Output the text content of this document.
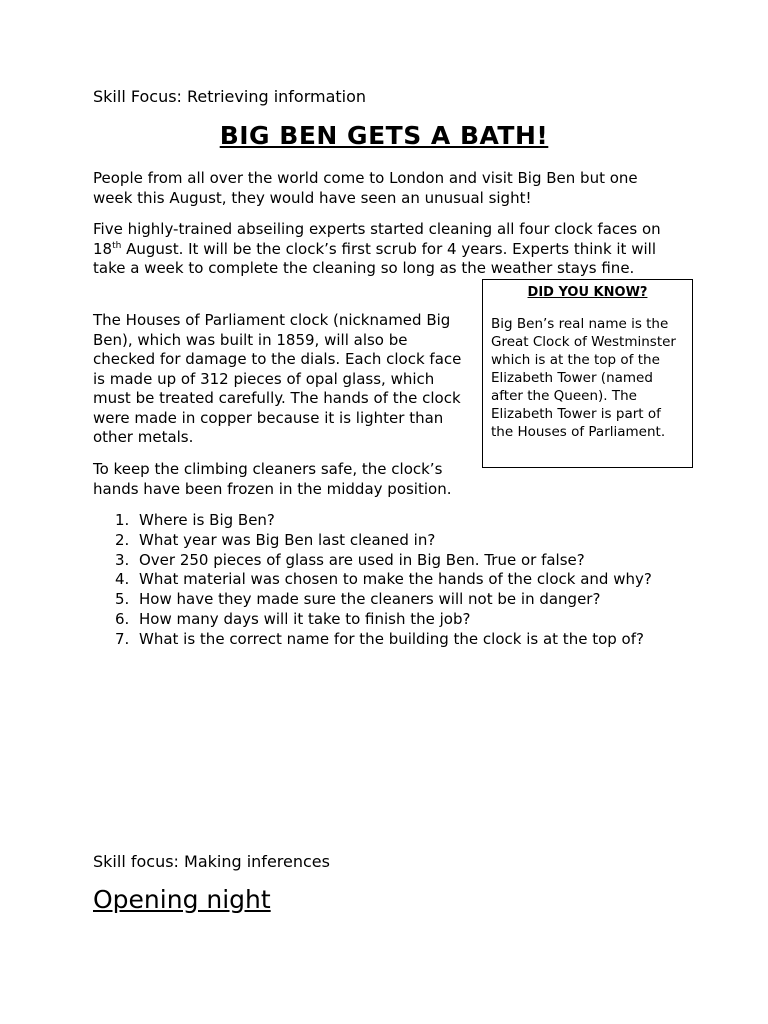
Skill Focus: Retrieving information

BIG BEN GETS A BATH!

People from all over the world come to London and visit Big Ben but one week this August, they would have seen an unusual sight!

Five highly-trained abseiling experts started cleaning all four clock faces on 18th August. It will be the clock’s first scrub for 4 years. Experts think it will take a week to complete the cleaning so long as the weather stays fine.

The Houses of Parliament clock (nicknamed Big Ben), which was built in 1859, will also be checked for damage to the dials. Each clock face is made up of 312 pieces of opal glass, which must be treated carefully. The hands of the clock were made in copper because it is lighter than other metals.

To keep the climbing cleaners safe, the clock’s hands have been frozen in the midday position.

DID YOU KNOW?

Big Ben’s real name is the Great Clock of Westminster which is at the top of the Elizabeth Tower (named after the Queen). The Elizabeth Tower is part of the Houses of Parliament.

1. Where is Big Ben?
2. What year was Big Ben last cleaned in?
3. Over 250 pieces of glass are used in Big Ben. True or false?
4. What material was chosen to make the hands of the clock and why?
5. How have they made sure the cleaners will not be in danger?
6. How many days will it take to finish the job?
7. What is the correct name for the building the clock is at the top of?

Skill focus: Making inferences

Opening night
